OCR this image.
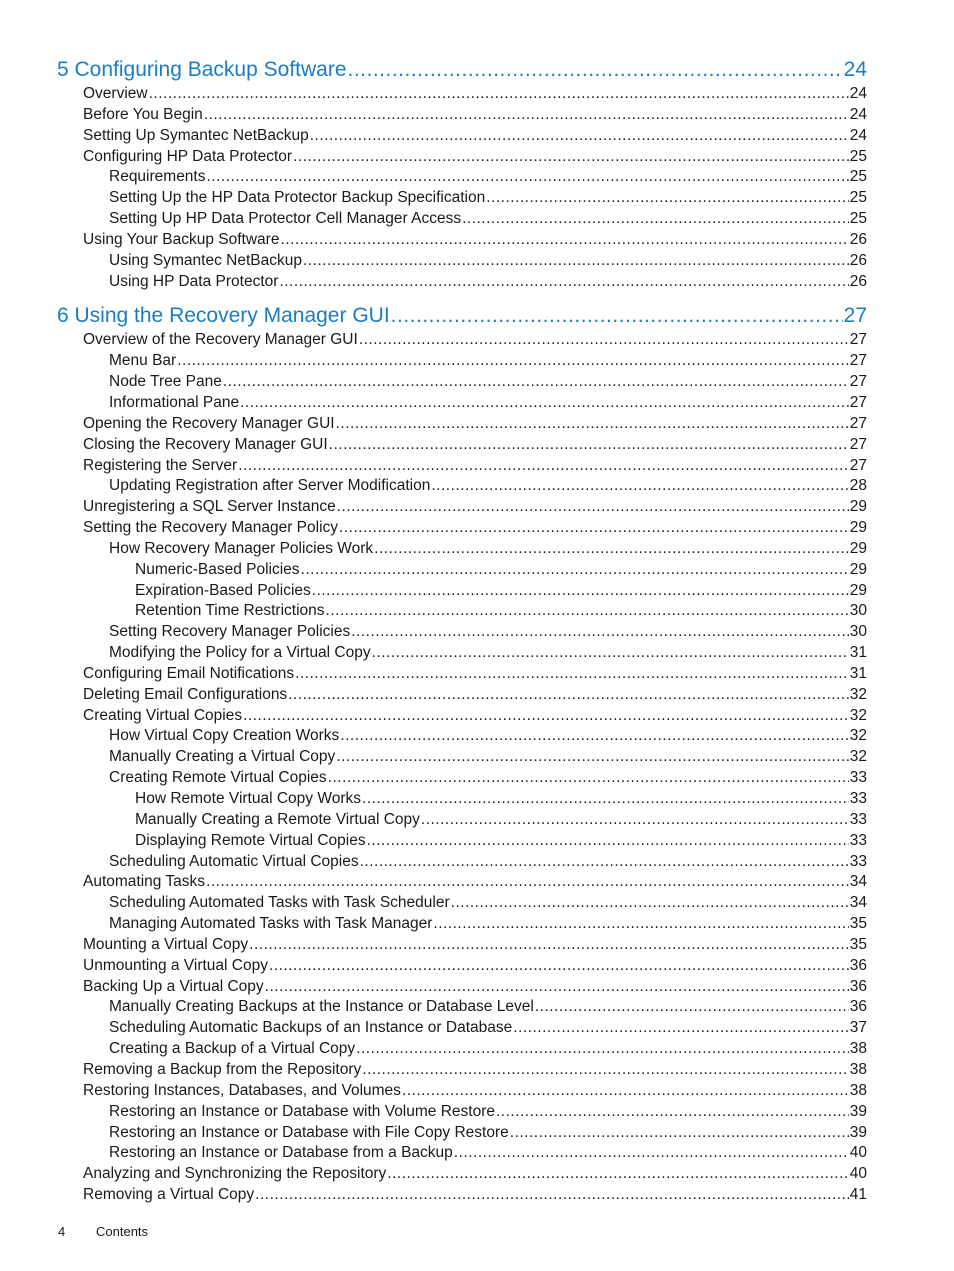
5 Configuring Backup Software .....	24
Overview .....	24
Before You Begin .....	24
Setting Up Symantec NetBackup .....	24
Configuring HP Data Protector .....	25
Requirements .....	25
Setting Up the HP Data Protector Backup Specification .....	25
Setting Up HP Data Protector Cell Manager Access .....	25
Using Your Backup Software .....	26
Using Symantec NetBackup .....	26
Using HP Data Protector .....	26
6 Using the Recovery Manager GUI .....	27
Overview of the Recovery Manager GUI .....	27
Menu Bar .....	27
Node Tree Pane .....	27
Informational Pane .....	27
Opening the Recovery Manager GUI .....	27
Closing the Recovery Manager GUI .....	27
Registering the Server .....	27
Updating Registration after Server Modification .....	28
Unregistering a SQL Server Instance .....	29
Setting the Recovery Manager Policy .....	29
How Recovery Manager Policies Work .....	29
Numeric-Based Policies .....	29
Expiration-Based Policies .....	29
Retention Time Restrictions .....	30
Setting Recovery Manager Policies .....	30
Modifying the Policy for a Virtual Copy .....	31
Configuring Email Notifications .....	31
Deleting Email Configurations .....	32
Creating Virtual Copies .....	32
How Virtual Copy Creation Works .....	32
Manually Creating a Virtual Copy .....	32
Creating Remote Virtual Copies .....	33
How Remote Virtual Copy Works .....	33
Manually Creating a Remote Virtual Copy .....	33
Displaying Remote Virtual Copies .....	33
Scheduling Automatic Virtual Copies .....	33
Automating Tasks .....	34
Scheduling Automated Tasks with Task Scheduler .....	34
Managing Automated Tasks with Task Manager .....	35
Mounting a Virtual Copy .....	35
Unmounting a Virtual Copy .....	36
Backing Up a Virtual Copy .....	36
Manually Creating Backups at the Instance or Database Level .....	36
Scheduling Automatic Backups of an Instance or Database .....	37
Creating a Backup of a Virtual Copy .....	38
Removing a Backup from the Repository .....	38
Restoring Instances, Databases, and Volumes .....	38
Restoring an Instance or Database with Volume Restore .....	39
Restoring an Instance or Database with File Copy Restore .....	39
Restoring an Instance or Database from a Backup .....	40
Analyzing and Synchronizing the Repository .....	40
Removing a Virtual Copy .....	41
4 Contents
